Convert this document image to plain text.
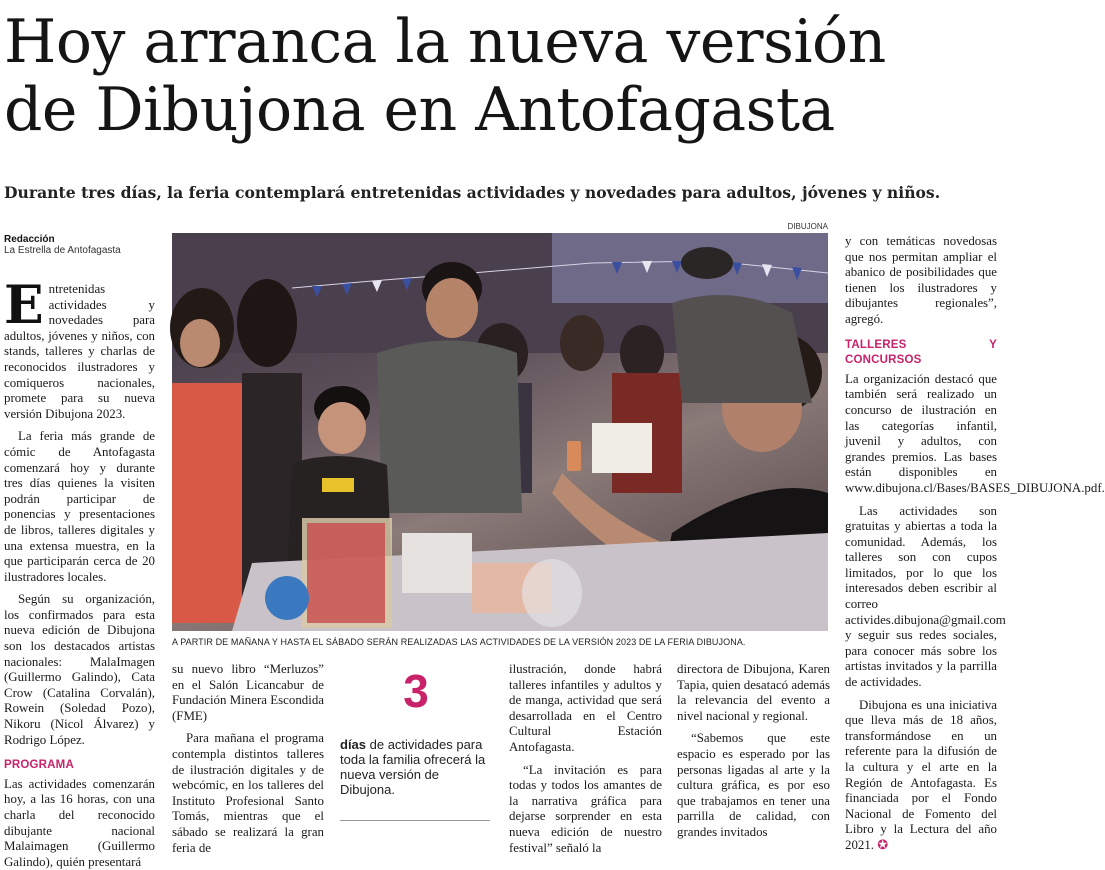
Hoy arranca la nueva versión
de Dibujona en Antofagasta

Durante tres días, la feria contemplará entretenidas actividades y novedades para adultos, jóvenes y niños.

Redacción
La Estrella de Antofagasta

Entretenidas actividades y novedades para adultos, jóvenes y niños, con stands, talleres y charlas de reconocidos ilustradores y comiqueros nacionales, promete para su nueva versión Dibujona 2023.

La feria más grande de cómic de Antofagasta comenzará hoy y durante tres días quienes la visiten podrán participar de ponencias y presentaciones de libros, talleres digitales y una extensa muestra, en la que participarán cerca de 20 ilustradores locales.

Según su organización, los confirmados para esta nueva edición de Dibujona son los destacados artistas nacionales: MalaImagen (Guillermo Galindo), Cata Crow (Catalina Corvalán), Rowein (Soledad Pozo), Nikoru (Nicol Álvarez) y Rodrigo López.

PROGRAMA

Las actividades comenzarán hoy, a las 16 horas, con una charla del reconocido dibujante nacional Malaimagen (Guillermo Galindo), quién presentará

DIBUJONA
A PARTIR DE MAÑANA Y HASTA EL SÁBADO SERÁN REALIZADAS LAS ACTIVIDADES DE LA VERSIÓN 2023 DE LA FERIA DIBUJONA.

su nuevo libro “Merluzos” en el Salón Licancabur de Fundación Minera Escondida (FME)

Para mañana el programa contempla distintos talleres de ilustración digitales y de webcómic, en los talleres del Instituto Profesional Santo Tomás, mientras que el sábado se realizará la gran feria de

3
días de actividades para toda la familia ofrecerá la nueva versión de Dibujona.

ilustración, donde habrá talleres infantiles y adultos y de manga, actividad que será desarrollada en el Centro Cultural Estación Antofagasta.

“La invitación es para todas y todos los amantes de la narrativa gráfica para dejarse sorprender en esta nueva edición de nuestro festival” señaló la

directora de Dibujona, Karen Tapia, quien desatacó además la relevancia del evento a nivel nacional y regional.

“Sabemos que este espacio es esperado por las personas ligadas al arte y la cultura gráfica, es por eso que trabajamos en tener una parrilla de calidad, con grandes invitados

y con temáticas novedosas que nos permitan ampliar el abanico de posibilidades que tienen los ilustradores y dibujantes regionales”, agregó.

TALLERES Y CONCURSOS

La organización destacó que también será realizado un concurso de ilustración en las categorías infantil, juvenil y adultos, con grandes premios. Las bases están disponibles en www.dibujona.cl/Bases/BASES_DIBUJONA.pdf.

Las actividades son gratuitas y abiertas a toda la comunidad. Además, los talleres son con cupos limitados, por lo que los interesados deben escribir al correo activides.dibujona@gmail.com y seguir sus redes sociales, para conocer más sobre los artistas invitados y la parrilla de actividades.

Dibujona es una iniciativa que lleva más de 18 años, transformándose en un referente para la difusión de la cultura y el arte en la Región de Antofagasta. Es financiada por el Fondo Nacional de Fomento del Libro y la Lectura del año 2021. ✪
